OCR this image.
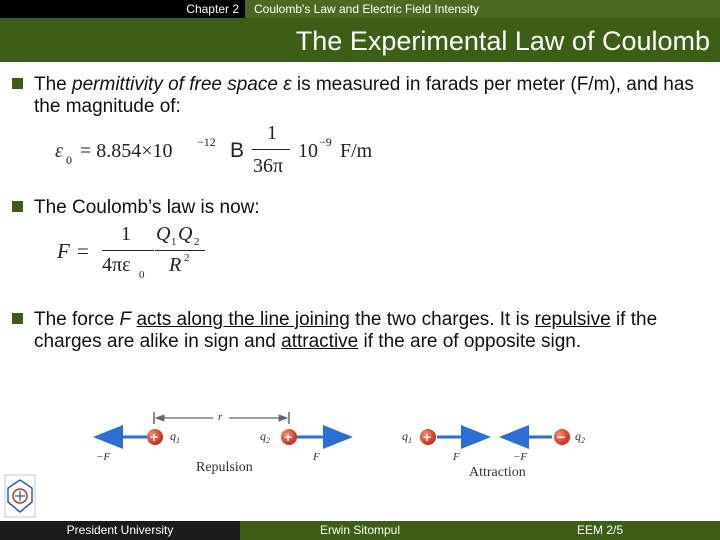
Chapter 2	Coulomb's Law and Electric Field Intensity
The Experimental Law of Coulomb
The permittivity of free space ε is measured in farads per meter (F/m), and has the magnitude of:
ε 0 = 8.854×10 −12 B
1
36π
10 −9 F/m
The Coulomb’s law is now:
F =
1
4πε 0
Q 1 Q 2
R 2
The force F acts along the line joining the two charges. It is repulsive if the charges are alike in sign and attractive if the are of opposite sign.
r
+ $q_1$	$q_2$ +
−F	F
Repulsion
$q_1$ +	− $q_2$
F	−F
Attraction
President University	Erwin Sitompul	EEM 2/5
